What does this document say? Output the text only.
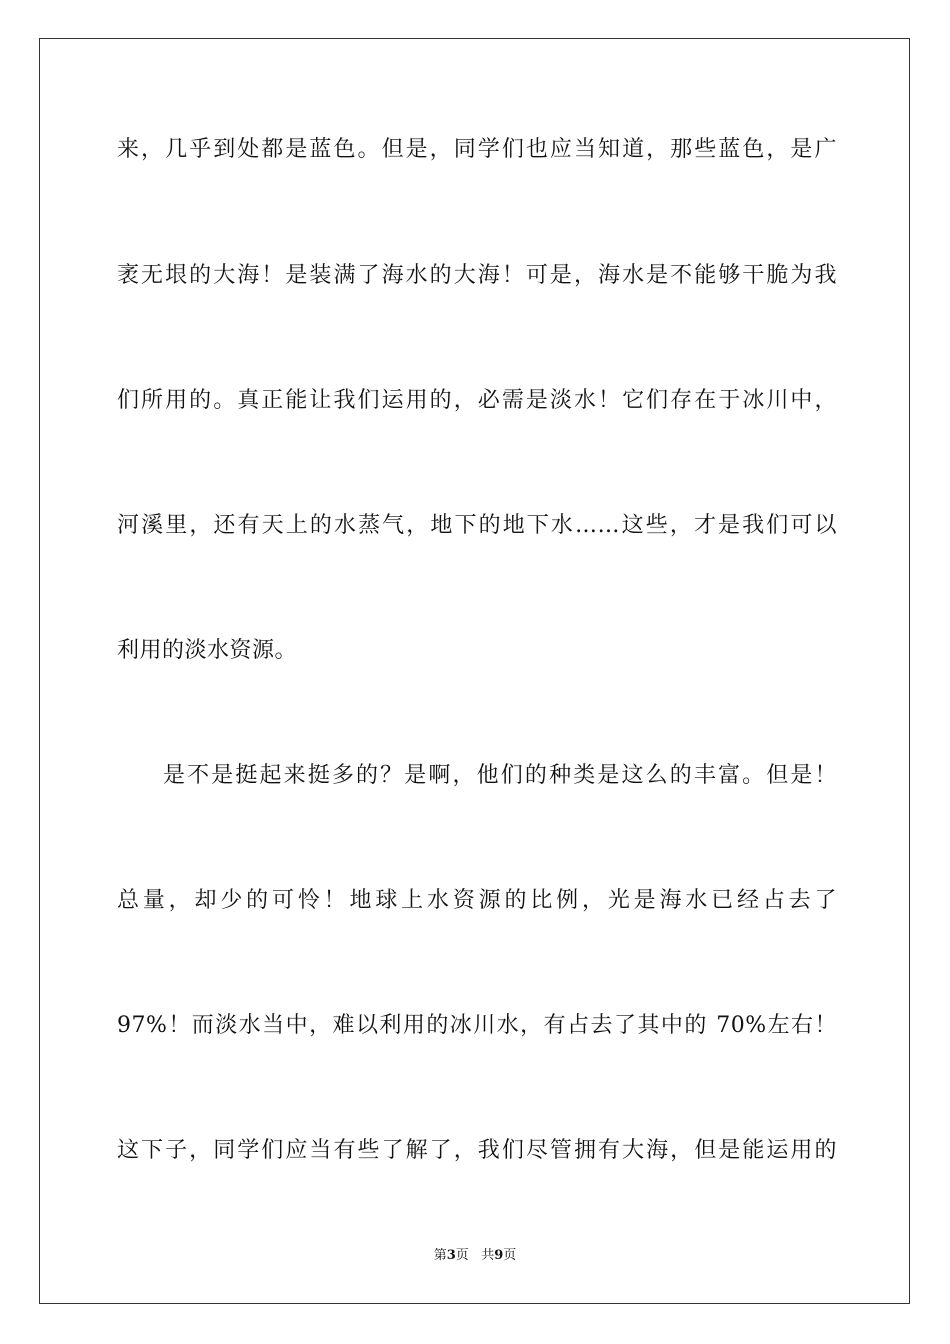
来，几乎到处都是蓝色。但是，同学们也应当知道，那些蓝色，是广
袤无垠的大海！是装满了海水的大海！可是，海水是不能够干脆为我
们所用的。真正能让我们运用的，必需是淡水！它们存在于冰川中，
河溪里，还有天上的水蒸气，地下的地下水……这些，才是我们可以
利用的淡水资源。
是不是挺起来挺多的？是啊，他们的种类是这么的丰富。但是！
总量，却少的可怜！地球上水资源的比例，光是海水已经占去了
97%！而淡水当中，难以利用的冰川水，有占去了其中的 70%左右！
这下子，同学们应当有些了解了，我们尽管拥有大海，但是能运用的
第3页 共9页
